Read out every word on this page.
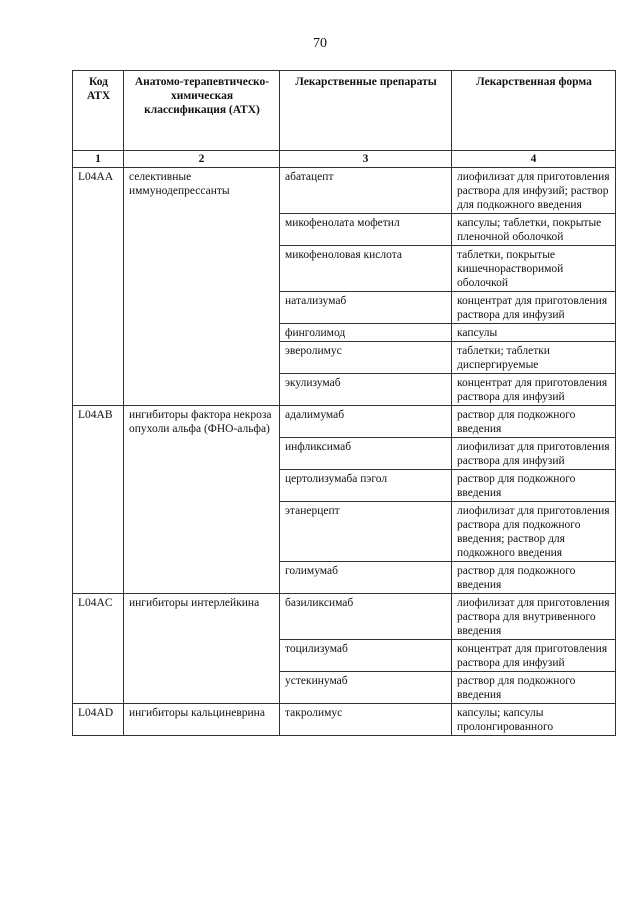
70
Код АТХ	Анатомо-терапевтическо-химическая классификация (АТХ)	Лекарственные препараты	Лекарственная форма
1	2	3	4
L04AA	селективные иммунодепрессанты	абатацепт	лиофилизат для приготовления раствора для инфузий; раствор для подкожного введения
		микофенолата мофетил	капсулы; таблетки, покрытые пленочной оболочкой
		микофеноловая кислота	таблетки, покрытые кишечнорастворимой оболочкой
		натализумаб	концентрат для приготовления раствора для инфузий
		финголимод	капсулы
		эверолимус	таблетки; таблетки диспергируемые
		экулизумаб	концентрат для приготовления раствора для инфузий
L04AB	ингибиторы фактора некроза опухоли альфа (ФНО-альфа)	адалимумаб	раствор для подкожного введения
		инфликсимаб	лиофилизат для приготовления раствора для инфузий
		цертолизумаба пэгол	раствор для подкожного введения
		этанерцепт	лиофилизат для приготовления раствора для подкожного введения; раствор для подкожного введения
		голимумаб	раствор для подкожного введения
L04AC	ингибиторы интерлейкина	базиликсимаб	лиофилизат для приготовления раствора для внутривенного введения
		тоцилизумаб	концентрат для приготовления раствора для инфузий
		устекинумаб	раствор для подкожного введения
L04AD	ингибиторы кальциневрина	такролимус	капсулы; капсулы пролонгированного
